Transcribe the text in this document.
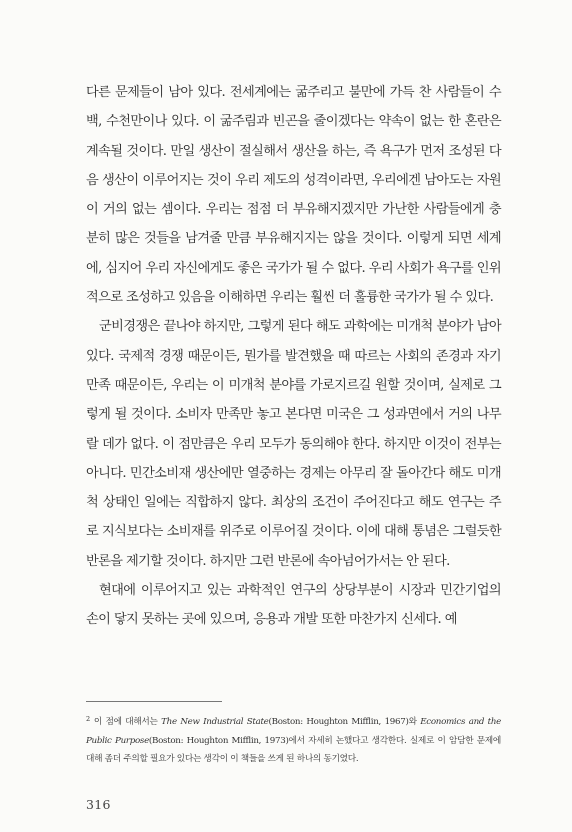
다른 문제들이 남아 있다. 전세계에는 굶주리고 불만에 가득 찬 사람들이 수백, 수천만이나 있다. 이 굶주림과 빈곤을 줄이겠다는 약속이 없는 한 혼란은 계속될 것이다. 만일 생산이 절실해서 생산을 하는, 즉 욕구가 먼저 조성된 다음 생산이 이루어지는 것이 우리 제도의 성격이라면, 우리에겐 남아도는 자원이 거의 없는 셈이다. 우리는 점점 더 부유해지겠지만 가난한 사람들에게 충분히 많은 것들을 남겨줄 만큼 부유해지지는 않을 것이다. 이렇게 되면 세계에, 심지어 우리 자신에게도 좋은 국가가 될 수 없다. 우리 사회가 욕구를 인위적으로 조성하고 있음을 이해하면 우리는 훨씬 더 훌륭한 국가가 될 수 있다.

군비경쟁은 끝나야 하지만, 그렇게 된다 해도 과학에는 미개척 분야가 남아 있다. 국제적 경쟁 때문이든, 뭔가를 발견했을 때 따르는 사회의 존경과 자기만족 때문이든, 우리는 이 미개척 분야를 가로지르길 원할 것이며, 실제로 그렇게 될 것이다. 소비자 만족만 놓고 본다면 미국은 그 성과면에서 거의 나무랄 데가 없다. 이 점만큼은 우리 모두가 동의해야 한다. 하지만 이것이 전부는 아니다. 민간소비재 생산에만 열중하는 경제는 아무리 잘 돌아간다 해도 미개척 상태인 일에는 직합하지 않다. 최상의 조건이 주어진다고 해도 연구는 주로 지식보다는 소비재를 위주로 이루어질 것이다. 이에 대해 통념은 그럴듯한 반론을 제기할 것이다. 하지만 그런 반론에 속아넘어가서는 안 된다.

현대에 이루어지고 있는 과학적인 연구의 상당부분이 시장과 민간기업의 손이 닿지 못하는 곳에 있으며, 응용과 개발 또한 마찬가지 신세다. 예

$^2$ 이 점에 대해서는 The New Industrial State(Boston: Houghton Mifflin, 1967)와 Economics and the Public Purpose(Boston: Houghton Mifflin, 1973)에서 자세히 논했다고 생각한다. 실제로 이 암담한 문제에 대해 좀더 주의할 필요가 있다는 생각이 이 책들을 쓰게 된 하나의 동기였다.
316
